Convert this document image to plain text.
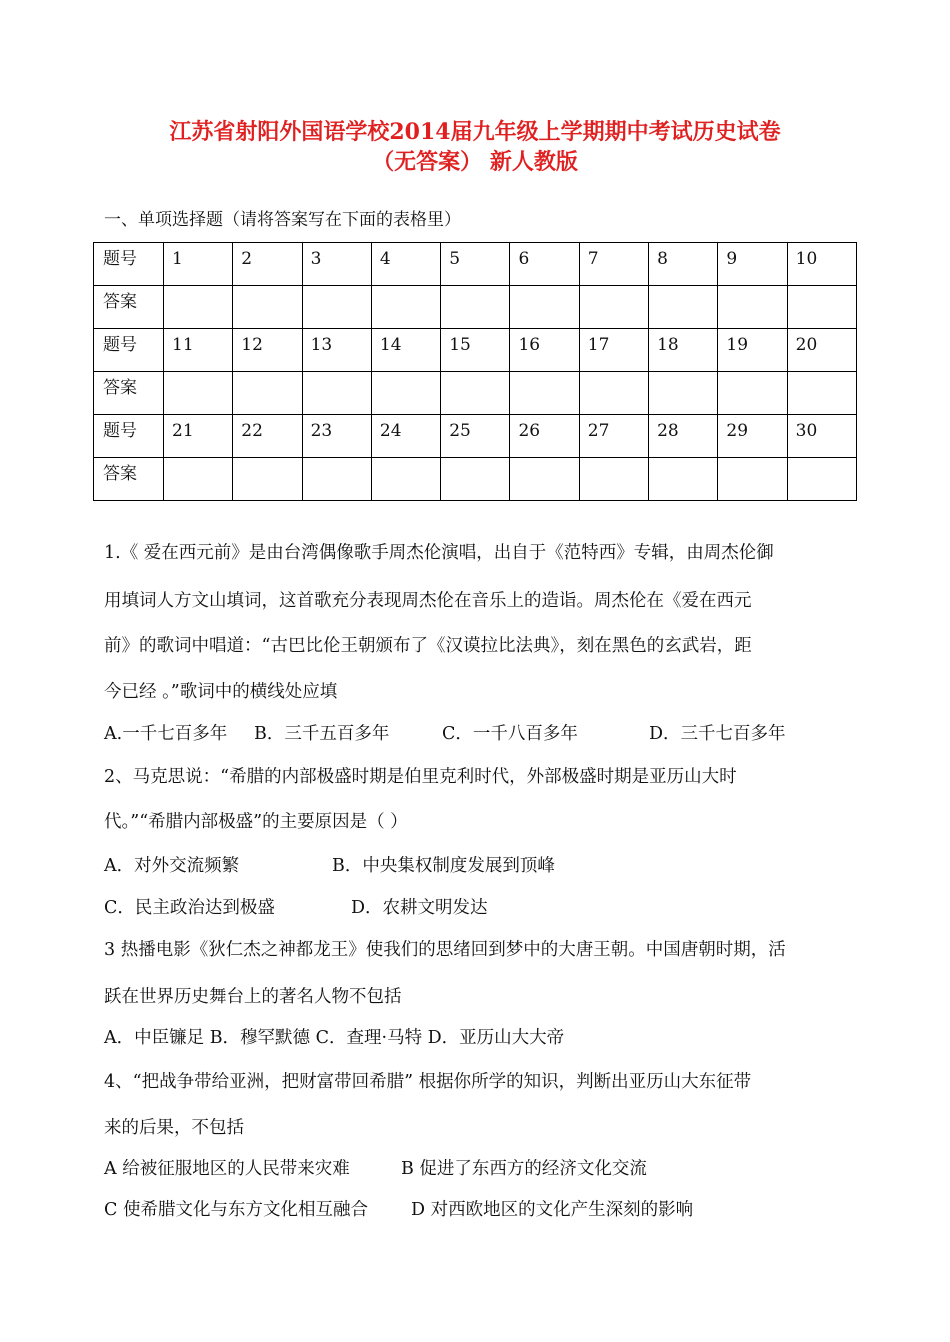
江苏省射阳外国语学校2014届九年级上学期期中考试历史试卷
（无答案） 新人教版
一、单项选择题（请将答案写在下面的表格里）
题号	1	2	3	4	5	6	7	8	9	10
答案										
题号	11	12	13	14	15	16	17	18	19	20
答案										
题号	21	22	23	24	25	26	27	28	29	30
答案										
1.《 爱在西元前》是由台湾偶像歌手周杰伦演唱，出自于《范特西》专辑，由周杰伦御
用填词人方文山填词，这首歌充分表现周杰伦在音乐上的造诣。周杰伦在《爱在西元
前》的歌词中唱道：“古巴比伦王朝颁布了《汉谟拉比法典》，刻在黑色的玄武岩，距
今已经 。”歌词中的横线处应填
A.一千七百多年 B．三千五百多年	C．一千八百多年	D．三千七百多年
2、马克思说：“希腊的内部极盛时期是伯里克利时代，外部极盛时期是亚历山大时
代。”“希腊内部极盛”的主要原因是（ ）
A．对外交流频繁	B．中央集权制度发展到顶峰
C．民主政治达到极盛	D．农耕文明发达
3 热播电影《狄仁杰之神都龙王》使我们的思绪回到梦中的大唐王朝。中国唐朝时期，活
跃在世界历史舞台上的著名人物不包括
A．中臣镰足 B．穆罕默德 C．查理·马特 D．亚历山大大帝
4、“把战争带给亚洲，把财富带回希腊” 根据你所学的知识，判断出亚历山大东征带
来的后果，不包括
A 给被征服地区的人民带来灾难	B 促进了东西方的经济文化交流
C 使希腊文化与东方文化相互融合 D 对西欧地区的文化产生深刻的影响
